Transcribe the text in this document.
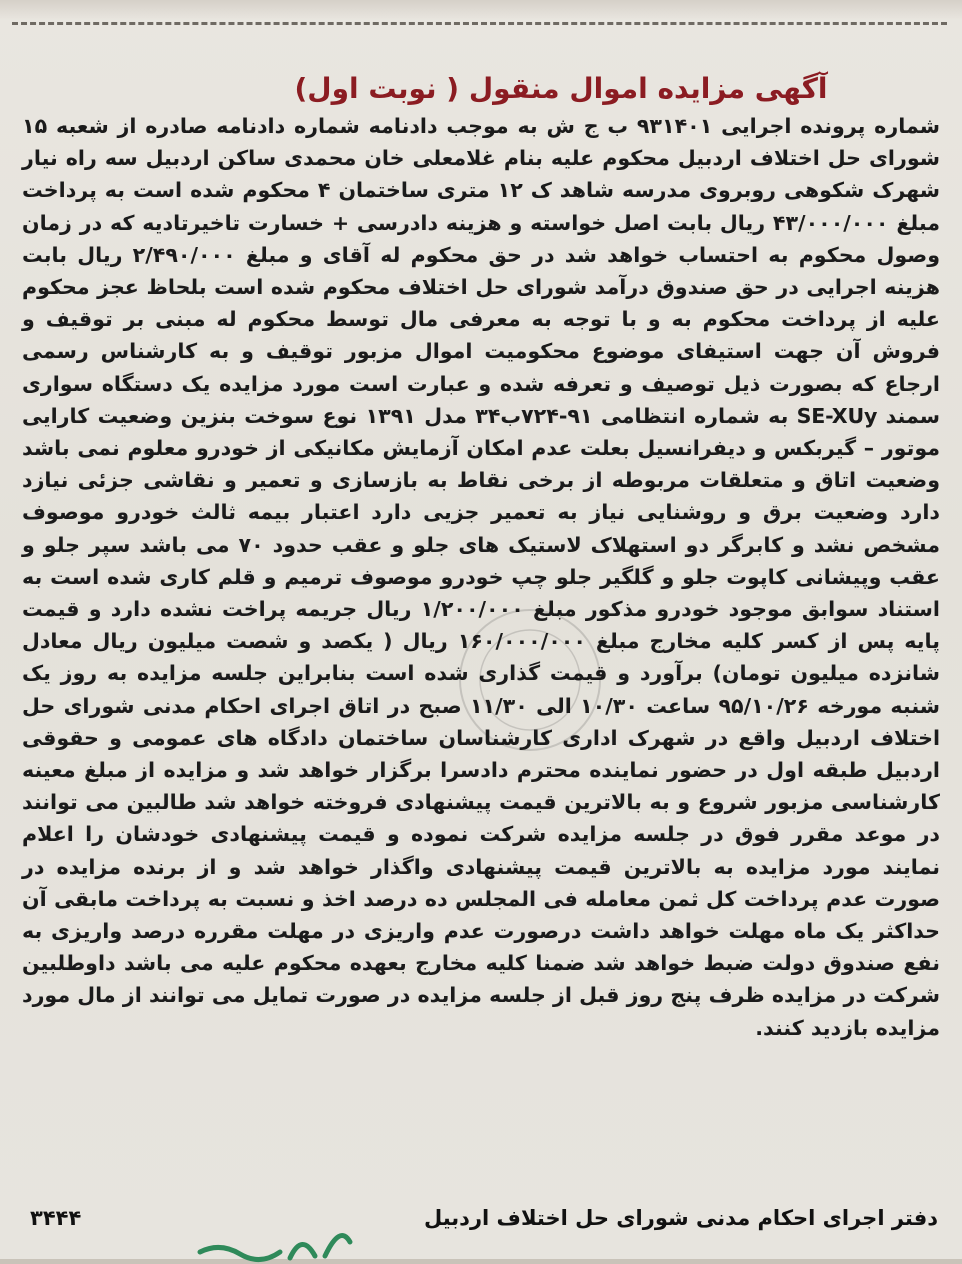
آگهی مزایده اموال منقول ( نوبت اول)

شماره پرونده اجرایی ۹۳۱۴۰۱ ب ج ش به موجب دادنامه شماره دادنامه صادره از شعبه ۱۵ شورای حل اختلاف اردبیل محکوم علیه بنام غلامعلی خان محمدی ساکن اردبیل سه راه نیار شهرک شکوهی روبروی مدرسه شاهد ک ۱۲ متری ساختمان ۴ محکوم شده است به پرداخت مبلغ ۴۳/۰۰۰/۰۰۰ ریال بابت اصل خواسته و هزینه دادرسی + خسارت تاخیرتادیه که در زمان وصول محکوم به احتساب خواهد شد در حق محکوم له آقای و مبلغ ۲/۴۹۰/۰۰۰ ریال بابت هزینه اجرایی در حق صندوق درآمد شورای حل اختلاف محکوم شده است بلحاظ عجز محکوم علیه از پرداخت محکوم به و با توجه به معرفی مال توسط محکوم له مبنی بر توقیف و فروش آن جهت استیفای موضوع محکومیت اموال مزبور توقیف و به کارشناس رسمی ارجاع که بصورت ذیل توصیف و تعرفه شده و عبارت است مورد مزایده یک دستگاه سواری سمند SE-XUy به شماره انتظامی ۹۱-۷۲۴ب۳۴ مدل ۱۳۹۱ نوع سوخت بنزین وضعیت کارایی موتور – گیربکس و دیفرانسیل بعلت عدم امکان آزمایش مکانیکی از خودرو معلوم نمی باشد وضعیت اتاق و متعلقات مربوطه از برخی نقاط به بازسازی و تعمیر و نقاشی جزئی نیازد دارد وضعیت برق و روشنایی نیاز به تعمیر جزیی دارد اعتبار بیمه ثالث خودرو موصوف مشخص نشد و کابرگر دو استهلاک لاستیک های جلو و عقب حدود ۷۰ می باشد سپر جلو و عقب وپیشانی کاپوت جلو و گلگیر جلو چپ خودرو موصوف ترمیم و قلم کاری شده است به استناد سوابق موجود خودرو مذکور مبلغ ۱/۲۰۰/۰۰۰ ریال جریمه پراخت نشده دارد و قیمت پایه پس از کسر کلیه مخارج مبلغ ۱۶۰/۰۰۰/۰۰۰ ریال ( یکصد و شصت میلیون ریال معادل شانزده میلیون تومان) برآورد و قیمت گذاری شده است بنابراین جلسه مزایده به روز یک شنبه مورخه ۹۵/۱۰/۲۶ ساعت ۱۰/۳۰ الی ۱۱/۳۰ صبح در اتاق اجرای احکام مدنی شورای حل اختلاف اردبیل واقع در شهرک اداری کارشناسان ساختمان دادگاه های عمومی و حقوقی اردبیل طبقه اول در حضور نماینده محترم دادسرا برگزار خواهد شد و مزایده از مبلغ معینه کارشناسی مزبور شروع و به بالاترین قیمت پیشنهادی فروخته خواهد شد طالبین می توانند در موعد مقرر فوق در جلسه مزایده شرکت نموده و قیمت پیشنهادی خودشان را اعلام نمایند مورد مزایده به بالاترین قیمت پیشنهادی واگذار خواهد شد و از برنده مزایده در صورت عدم پرداخت کل ثمن معامله فی المجلس ده درصد اخذ و نسبت به پرداخت مابقی آن حداکثر یک ماه مهلت خواهد داشت درصورت عدم واریزی در مهلت مقرره درصد واریزی به نفع صندوق دولت ضبط خواهد شد ضمنا کلیه مخارج بعهده محکوم علیه می باشد داوطلبین شرکت در مزایده ظرف پنج روز قبل از جلسه مزایده در صورت تمایل می توانند از مال مورد مزایده بازدید کنند.

دفتر اجرای احکام مدنی شورای حل اختلاف اردبیل
۳۴۴۴
